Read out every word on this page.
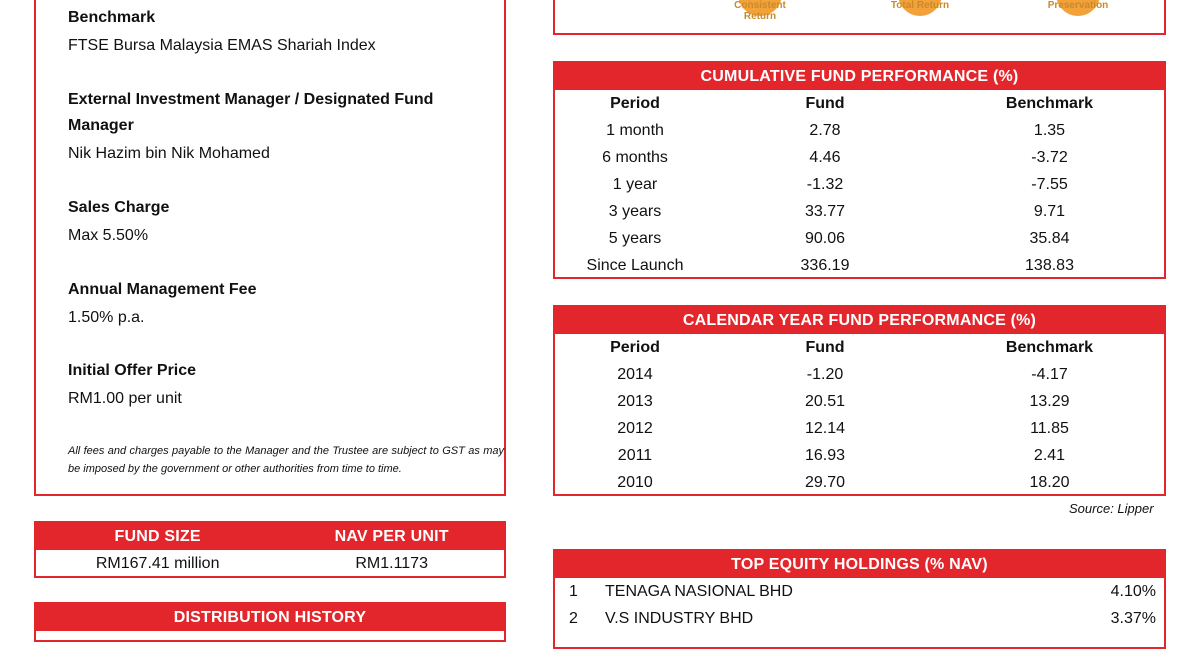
Benchmark
FTSE Bursa Malaysia EMAS Shariah Index
External Investment Manager / Designated Fund
Manager
Nik Hazim bin Nik Mohamed
Sales Charge
Max 5.50%
Annual Management Fee
1.50% p.a.
Initial Offer Price
RM1.00 per unit
All fees and charges payable to the Manager and the Trustee are subject to GST as may be imposed by the government or other authorities from time to time.
FUND SIZE	NAV PER UNIT
RM167.41 million	RM1.1173
DISTRIBUTION HISTORY
Consistent
Return
Total Return	Preservation
CUMULATIVE FUND PERFORMANCE (%)
Period	Fund	Benchmark
1 month	2.78	1.35
6 months	4.46	-3.72
1 year	-1.32	-7.55
3 years	33.77	9.71
5 years	90.06	35.84
Since Launch	336.19	138.83
CALENDAR YEAR FUND PERFORMANCE (%)
Period	Fund	Benchmark
2014	-1.20	-4.17
2013	20.51	13.29
2012	12.14	11.85
2011	16.93	2.41
2010	29.70	18.20
Source: Lipper
TOP EQUITY HOLDINGS (% NAV)
1	TENAGA NASIONAL BHD	4.10%
2	V.S INDUSTRY BHD	3.37%
